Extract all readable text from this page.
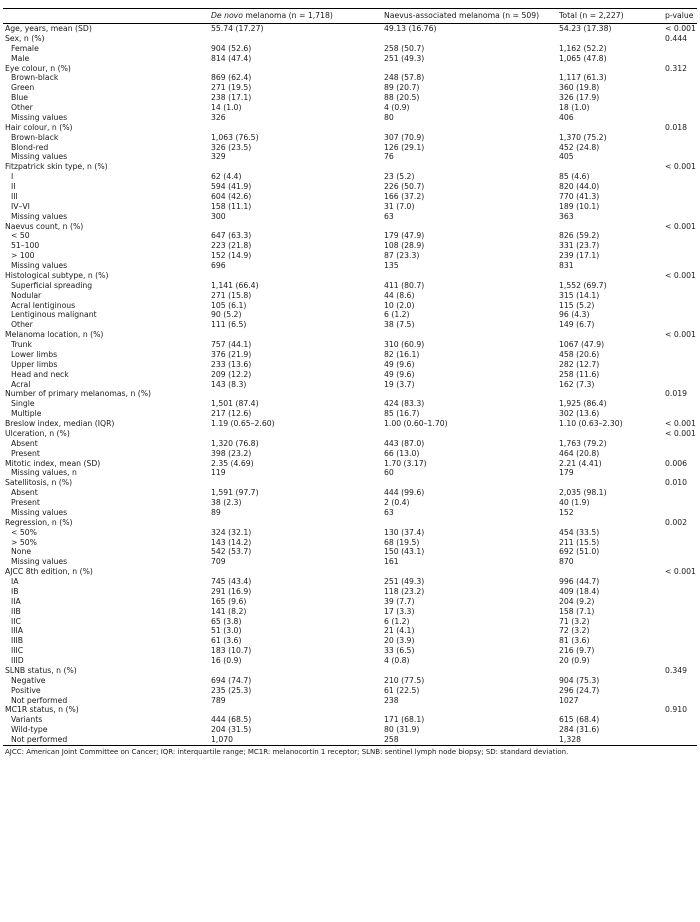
	De novo melanoma (n = 1,718)	Naevus-associated melanoma (n = 509)	Total (n = 2,227)	p-value
Age, years, mean (SD)	55.74 (17.27)	49.13 (16.76)	54.23 (17.38)	< 0.001
Sex, n (%)				0.444
Female	904 (52.6)	258 (50.7)	1,162 (52.2)	
Male	814 (47.4)	251 (49.3)	1,065 (47.8)	
Eye colour, n (%)				0.312
Brown-black	869 (62.4)	248 (57.8)	1,117 (61.3)	
Green	271 (19.5)	89 (20.7)	360 (19.8)	
Blue	238 (17.1)	88 (20.5)	326 (17.9)	
Other	14 (1.0)	4 (0.9)	18 (1.0)	
Missing values	326	80	406	
Hair colour, n (%)				0.018
Brown-black	1,063 (76.5)	307 (70.9)	1,370 (75.2)	
Blond-red	326 (23.5)	126 (29.1)	452 (24.8)	
Missing values	329	76	405	
Fitzpatrick skin type, n (%)				< 0.001
I	62 (4.4)	23 (5.2)	85 (4.6)	
II	594 (41.9)	226 (50.7)	820 (44.0)	
III	604 (42.6)	166 (37.2)	770 (41.3)	
IV–VI	158 (11.1)	31 (7.0)	189 (10.1)	
Missing values	300	63	363	
Naevus count, n (%)				< 0.001
< 50	647 (63.3)	179 (47.9)	826 (59.2)	
51–100	223 (21.8)	108 (28.9)	331 (23.7)	
> 100	152 (14.9)	87 (23.3)	239 (17.1)	
Missing values	696	135	831	
Histological subtype, n (%)				< 0.001
Superficial spreading	1,141 (66.4)	411 (80.7)	1,552 (69.7)	
Nodular	271 (15.8)	44 (8.6)	315 (14.1)	
Acral lentiginous	105 (6.1)	10 (2.0)	115 (5.2)	
Lentiginous malignant	90 (5.2)	6 (1.2)	96 (4.3)	
Other	111 (6.5)	38 (7.5)	149 (6.7)	
Melanoma location, n (%)				< 0.001
Trunk	757 (44.1)	310 (60.9)	1067 (47.9)	
Lower limbs	376 (21.9)	82 (16.1)	458 (20.6)	
Upper limbs	233 (13.6)	49 (9.6)	282 (12.7)	
Head and neck	209 (12.2)	49 (9.6)	258 (11.6)	
Acral	143 (8.3)	19 (3.7)	162 (7.3)	
Number of primary melanomas, n (%)				0.019
Single	1,501 (87.4)	424 (83.3)	1,925 (86.4)	
Multiple	217 (12.6)	85 (16.7)	302 (13.6)	
Breslow index, median (IQR)	1.19 (0.65–2.60)	1.00 (0.60–1.70)	1.10 (0.63–2.30)	< 0.001
Ulceration, n (%)				< 0.001
Absent	1,320 (76.8)	443 (87.0)	1,763 (79.2)	
Present	398 (23.2)	66 (13.0)	464 (20.8)	
Mitotic index, mean (SD)	2.35 (4.69)	1.70 (3.17)	2.21 (4.41)	0.006
Missing values, n	119	60	179	
Satellitosis, n (%)				0.010
Absent	1,591 (97.7)	444 (99.6)	2,035 (98.1)	
Present	38 (2.3)	2 (0.4)	40 (1.9)	
Missing values	89	63	152	
Regression, n (%)				0.002
< 50%	324 (32.1)	130 (37.4)	454 (33.5)	
> 50%	143 (14.2)	68 (19.5)	211 (15.5)	
None	542 (53.7)	150 (43.1)	692 (51.0)	
Missing values	709	161	870	
AJCC 8th edition, n (%)				< 0.001
IA	745 (43.4)	251 (49.3)	996 (44.7)	
IB	291 (16.9)	118 (23.2)	409 (18.4)	
IIA	165 (9.6)	39 (7.7)	204 (9.2)	
IIB	141 (8.2)	17 (3.3)	158 (7.1)	
IIC	65 (3.8)	6 (1.2)	71 (3.2)	
IIIA	51 (3.0)	21 (4.1)	72 (3.2)	
IIIB	61 (3.6)	20 (3.9)	81 (3.6)	
IIIC	183 (10.7)	33 (6.5)	216 (9.7)	
IIID	16 (0.9)	4 (0.8)	20 (0.9)	
SLNB status, n (%)				0.349
Negative	694 (74.7)	210 (77.5)	904 (75.3)	
Positive	235 (25.3)	61 (22.5)	296 (24.7)	
Not performed	789	238	1027	
MC1R status, n (%)				0.910
Variants	444 (68.5)	171 (68.1)	615 (68.4)	
Wild-type	204 (31.5)	80 (31.9)	284 (31.6)	
Not performed	1,070	258	1,328	
AJCC: American Joint Committee on Cancer; IQR: interquartile range; MC1R: melanocortin 1 receptor; SLNB: sentinel lymph node biopsy; SD: standard deviation.
